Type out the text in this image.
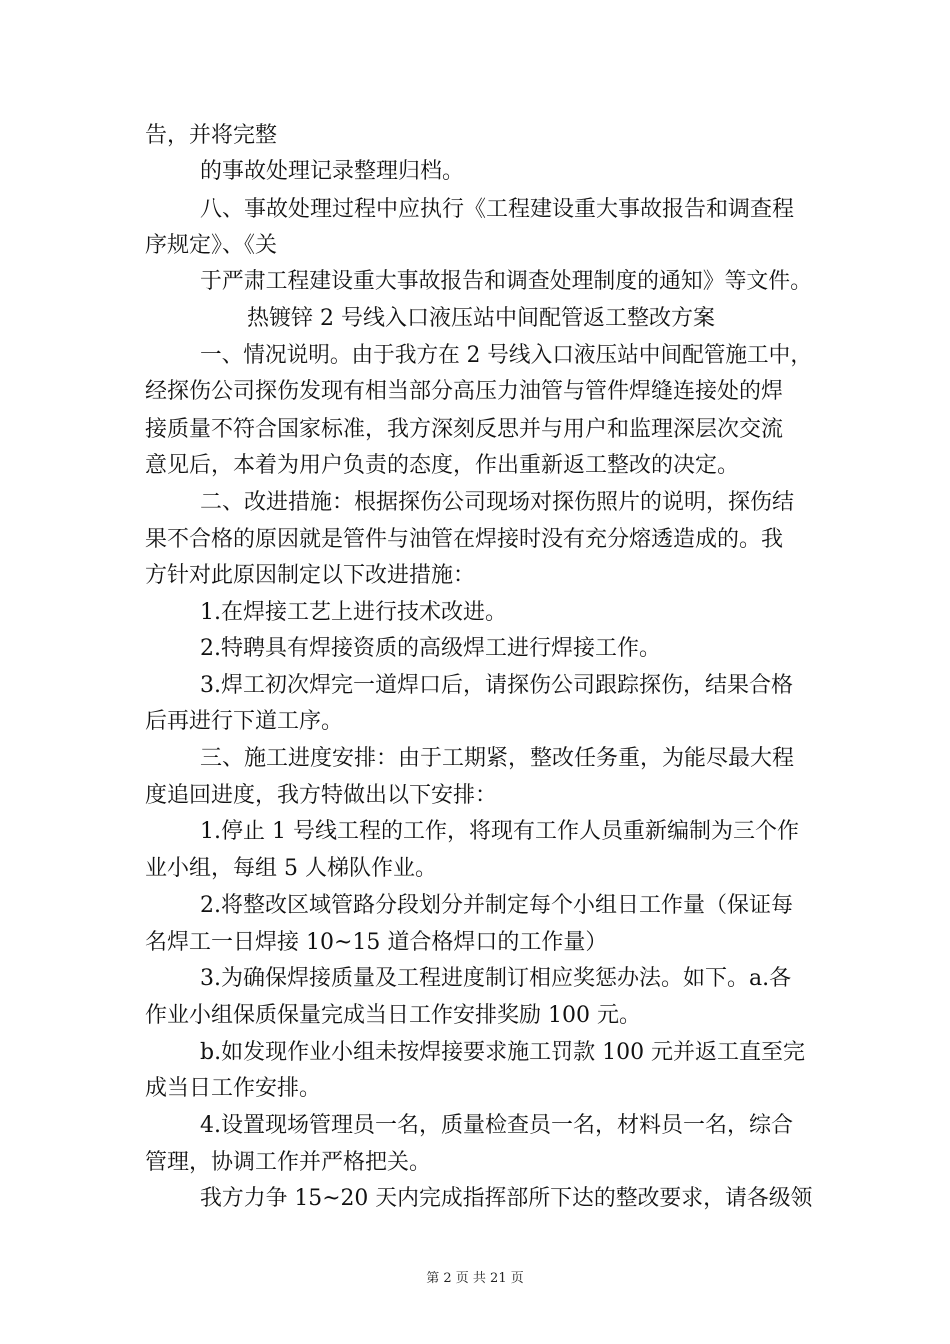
告，并将完整
的事故处理记录整理归档。
八、事故处理过程中应执行《工程建设重大事故报告和调查程
序规定》、《关
于严肃工程建设重大事故报告和调查处理制度的通知》等文件。
热镀锌 2 号线入口液压站中间配管返工整改方案
一、情况说明。由于我方在 2 号线入口液压站中间配管施工中，
经探伤公司探伤发现有相当部分高压力油管与管件焊缝连接处的焊
接质量不符合国家标准，我方深刻反思并与用户和监理深层次交流
意见后，本着为用户负责的态度，作出重新返工整改的决定。
二、改进措施：根据探伤公司现场对探伤照片的说明，探伤结
果不合格的原因就是管件与油管在焊接时没有充分熔透造成的。我
方针对此原因制定以下改进措施：
1.在焊接工艺上进行技术改进。
2.特聘具有焊接资质的高级焊工进行焊接工作。
3.焊工初次焊完一道焊口后，请探伤公司跟踪探伤，结果合格
后再进行下道工序。
三、施工进度安排：由于工期紧，整改任务重，为能尽最大程
度追回进度，我方特做出以下安排：
1.停止 1 号线工程的工作，将现有工作人员重新编制为三个作
业小组，每组 5 人梯队作业。
2.将整改区域管路分段划分并制定每个小组日工作量（保证每
名焊工一日焊接 10~15 道合格焊口的工作量）
3.为确保焊接质量及工程进度制订相应奖惩办法。如下。a.各
作业小组保质保量完成当日工作安排奖励 100 元。
b.如发现作业小组未按焊接要求施工罚款 100 元并返工直至完
成当日工作安排。
4.设置现场管理员一名，质量检查员一名，材料员一名，综合
管理，协调工作并严格把关。
我方力争 15~20 天内完成指挥部所下达的整改要求，请各级领
第 2 页 共 21 页
